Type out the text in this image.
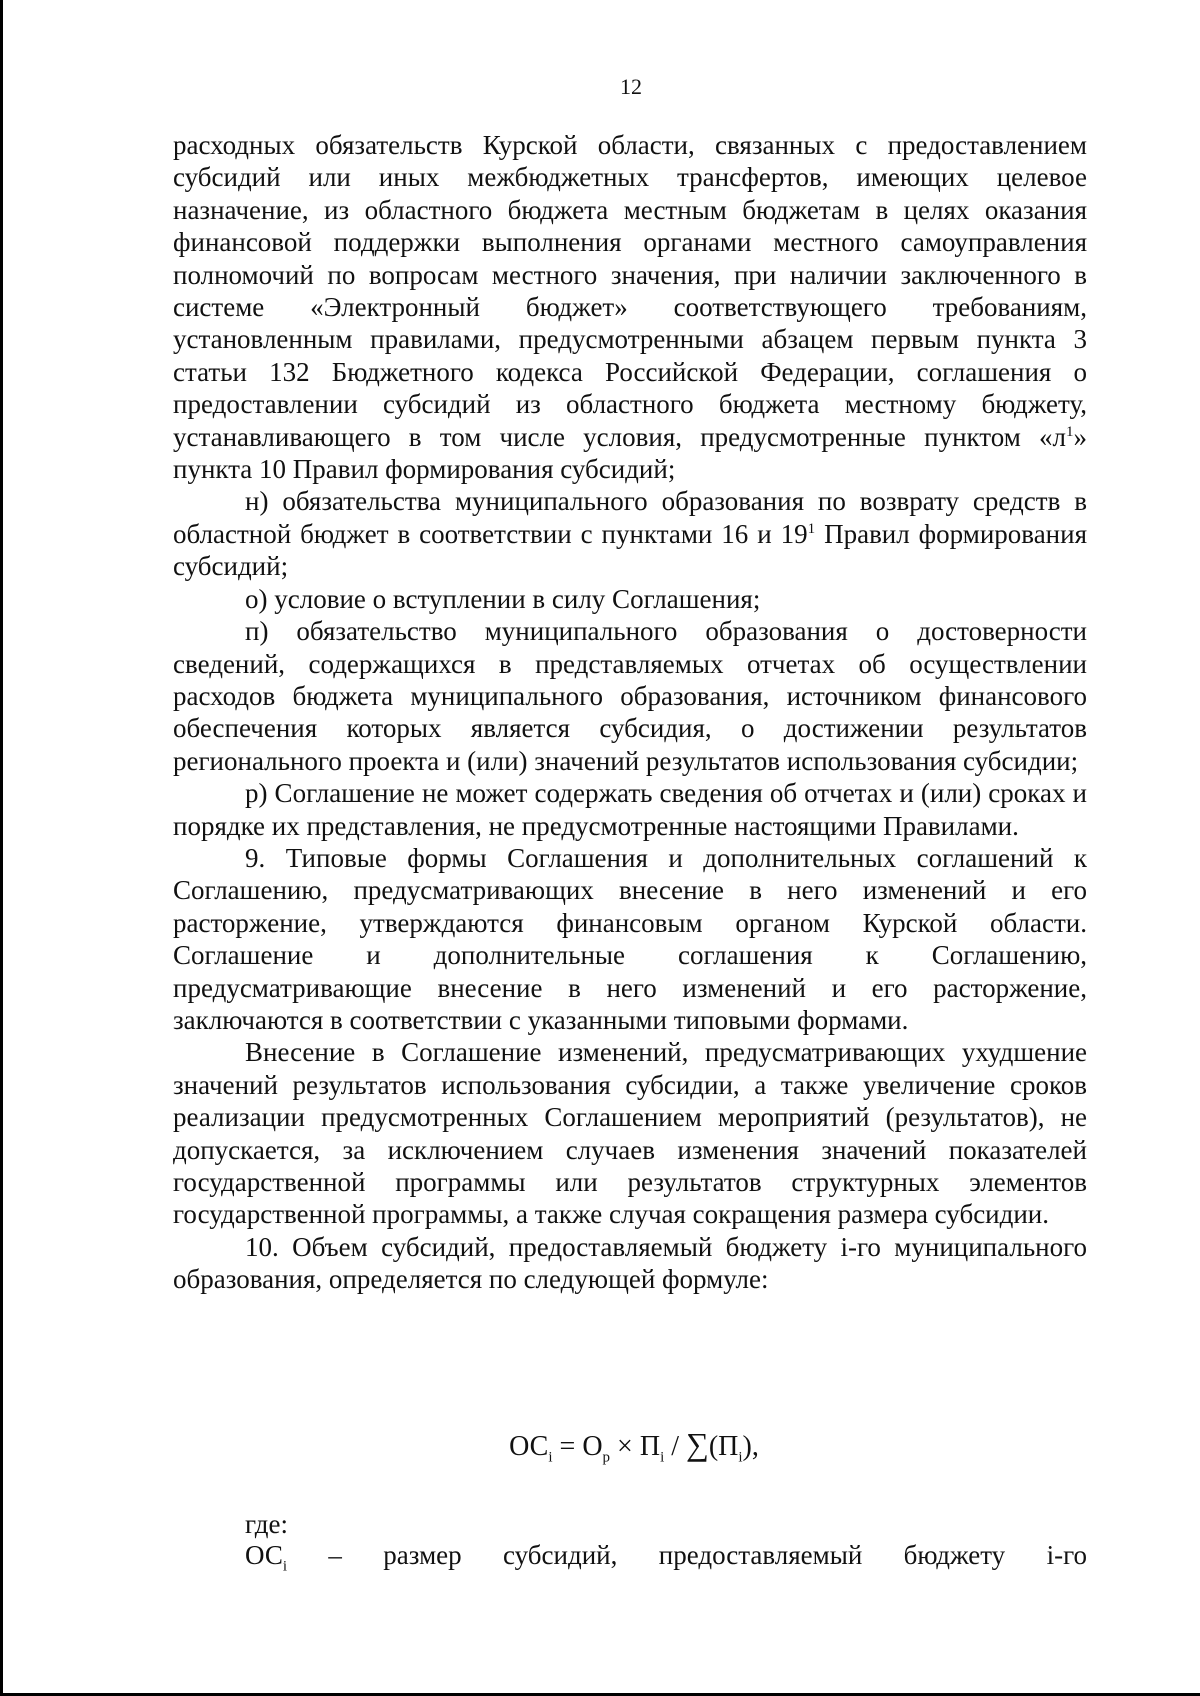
12

расходных обязательств Курской области, связанных с предоставлением субсидий или иных межбюджетных трансфертов, имеющих целевое назначение, из областного бюджета местным бюджетам в целях оказания финансовой поддержки выполнения органами местного самоуправления полномочий по вопросам местного значения, при наличии заключенного в системе «Электронный бюджет» соответствующего требованиям, установленным правилами, предусмотренными абзацем первым пункта 3 статьи 132 Бюджетного кодекса Российской Федерации, соглашения о предоставлении субсидий из областного бюджета местному бюджету, устанавливающего в том числе условия, предусмотренные пунктом «$л^1$» пункта 10 Правил формирования субсидий;

н) обязательства муниципального образования по возврату средств в областной бюджет в соответствии с пунктами 16 и $19^1$ Правил формирования субсидий;

о) условие о вступлении в силу Соглашения;

п) обязательство муниципального образования о достоверности сведений, содержащихся в представляемых отчетах об осуществлении расходов бюджета муниципального образования, источником финансового обеспечения которых является субсидия, о достижении результатов регионального проекта и (или) значений результатов использования субсидии;

р) Соглашение не может содержать сведения об отчетах и (или) сроках и порядке их представления, не предусмотренные настоящими Правилами.

9. Типовые формы Соглашения и дополнительных соглашений к Соглашению, предусматривающих внесение в него изменений и его расторжение, утверждаются финансовым органом Курской области. Соглашение и дополнительные соглашения к Соглашению, предусматривающие внесение в него изменений и его расторжение, заключаются в соответствии с указанными типовыми формами.

Внесение в Соглашение изменений, предусматривающих ухудшение значений результатов использования субсидии, а также увеличение сроков реализации предусмотренных Соглашением мероприятий (результатов), не допускается, за исключением случаев изменения значений показателей государственной программы или результатов структурных элементов государственной программы, а также случая сокращения размера субсидии.

10. Объем субсидий, предоставляемый бюджету i-го муниципального образования, определяется по следующей формуле:

$ОС_i = О_р \times П_i / \sum(П_i)$,
где:
$ОС_i$ – размер субсидий, предоставляемый бюджету i-го
